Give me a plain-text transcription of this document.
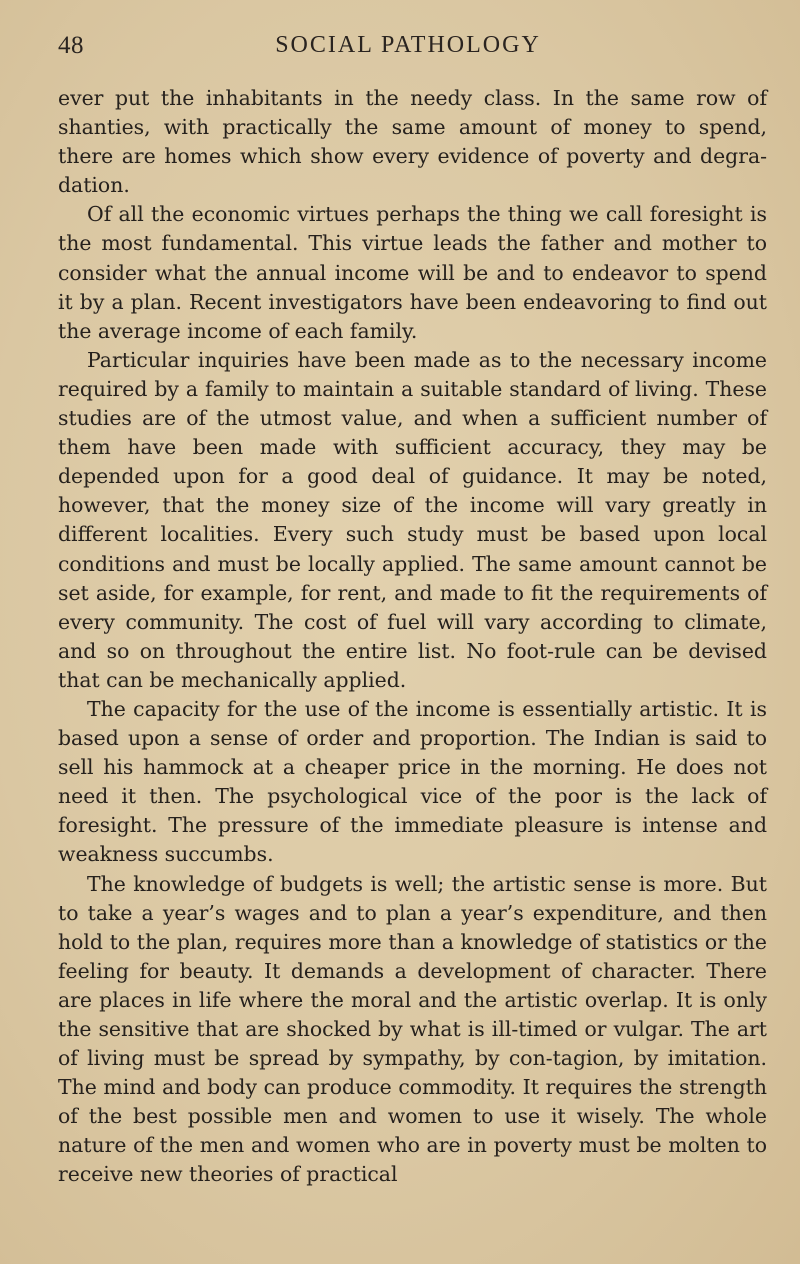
48	SOCIAL PATHOLOGY

ever put the inhabitants in the needy class. In the same row of shanties, with practically the same amount of money to spend, there are homes which show every evidence of poverty and degra-dation.

Of all the economic virtues perhaps the thing we call foresight is the most fundamental. This virtue leads the father and mother to consider what the annual income will be and to endeavor to spend it by a plan. Recent investigators have been endeavoring to find out the average income of each family.

Particular inquiries have been made as to the necessary income required by a family to maintain a suitable standard of living. These studies are of the utmost value, and when a sufficient number of them have been made with sufficient accuracy, they may be depended upon for a good deal of guidance. It may be noted, however, that the money size of the income will vary greatly in different localities. Every such study must be based upon local conditions and must be locally applied. The same amount cannot be set aside, for example, for rent, and made to fit the requirements of every community. The cost of fuel will vary according to climate, and so on throughout the entire list. No foot-rule can be devised that can be mechanically applied.

The capacity for the use of the income is essentially artistic. It is based upon a sense of order and proportion. The Indian is said to sell his hammock at a cheaper price in the morning. He does not need it then. The psychological vice of the poor is the lack of foresight. The pressure of the immediate pleasure is intense and weakness succumbs.

The knowledge of budgets is well; the artistic sense is more. But to take a year’s wages and to plan a year’s expenditure, and then hold to the plan, requires more than a knowledge of statistics or the feeling for beauty. It demands a development of character. There are places in life where the moral and the artistic overlap. It is only the sensitive that are shocked by what is ill-timed or vulgar. The art of living must be spread by sympathy, by con-tagion, by imitation. The mind and body can produce commodity. It requires the strength of the best possible men and women to use it wisely. The whole nature of the men and women who are in poverty must be molten to receive new theories of practical
